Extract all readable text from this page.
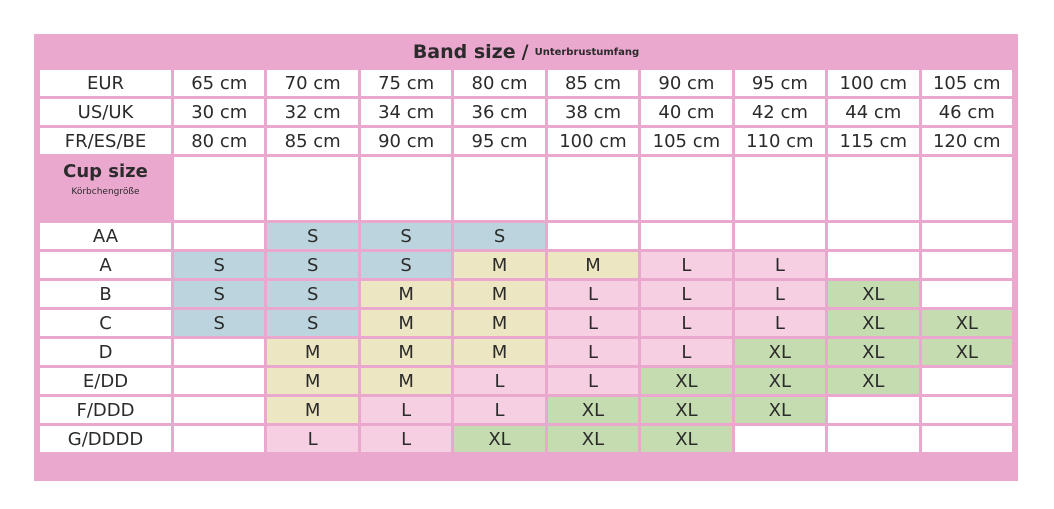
Band size / Unterbrustumfang
EUR	65 cm	70 cm	75 cm	80 cm	85 cm	90 cm	95 cm	100 cm	105 cm
US/UK	30 cm	32 cm	34 cm	36 cm	38 cm	40 cm	42 cm	44 cm	46 cm
FR/ES/BE	80 cm	85 cm	90 cm	95 cm	100 cm	105 cm	110 cm	115 cm	120 cm

Cup size
Körbchengröße									

AA		S	S	S					
A	S	S	S	M	M	L	L		
B	S	S	M	M	L	L	L	XL	
C	S	S	M	M	L	L	L	XL	XL
D		M	M	M	L	L	XL	XL	XL
E/DD		M	M	L	L	XL	XL	XL	
F/DDD		M	L	L	XL	XL	XL		
G/DDDD		L	L	XL	XL	XL			
